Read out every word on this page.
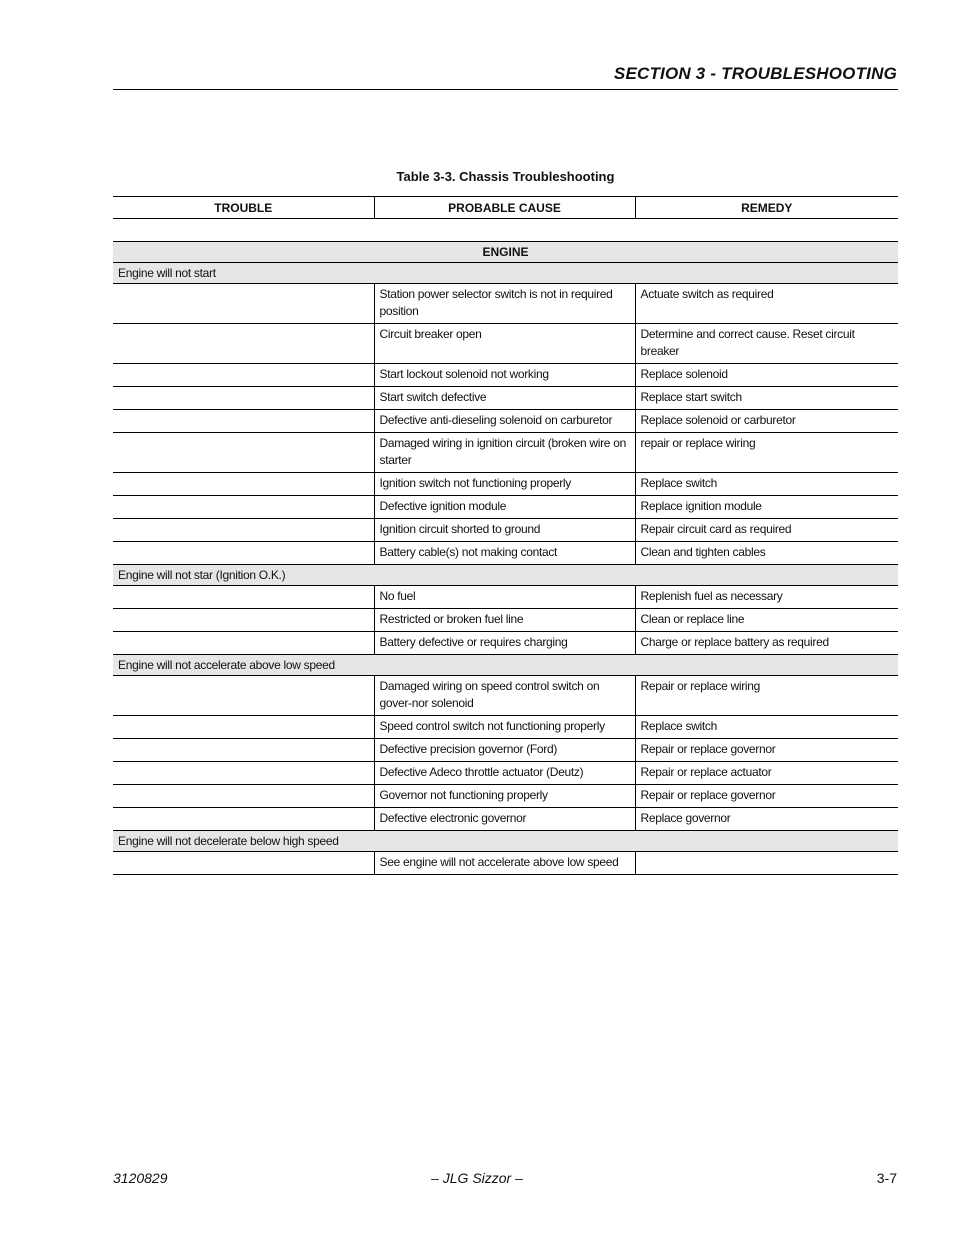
SECTION 3 - TROUBLESHOOTING
Table 3-3. Chassis Troubleshooting
TROUBLE	PROBABLE CAUSE	REMEDY

ENGINE		
Engine will not start		
	Station power selector switch is not in required position	Actuate switch as required
	Circuit breaker open	Determine and correct cause. Reset circuit breaker
	Start lockout solenoid not working	Replace solenoid
	Start switch defective	Replace start switch
	Defective anti-dieseling solenoid on carburetor	Replace solenoid or carburetor
	Damaged wiring in ignition circuit (broken wire on starter	repair or replace wiring
	Ignition switch not functioning properly	Replace switch
	Defective ignition module	Replace ignition module
	Ignition circuit shorted to ground	Repair circuit card as required
	Battery cable(s) not making contact	Clean and tighten cables
Engine will not star (Ignition O.K.)		
	No fuel	Replenish fuel as necessary
	Restricted or broken fuel line	Clean or replace line
	Battery defective or requires charging	Charge or replace battery as required
Engine will not accelerate above low speed		
	Damaged wiring on speed control switch on gover-nor solenoid	Repair or replace wiring
	Speed control switch not functioning properly	Replace switch
	Defective precision governor (Ford)	Repair or replace governor
	Defective Adeco throttle actuator (Deutz)	Repair or replace actuator
	Governor not functioning properly	Repair or replace governor
	Defective electronic governor	Replace governor
Engine will not decelerate below high speed		
	See engine will not accelerate above low speed	
3120829	– JLG Sizzor –	3-7
